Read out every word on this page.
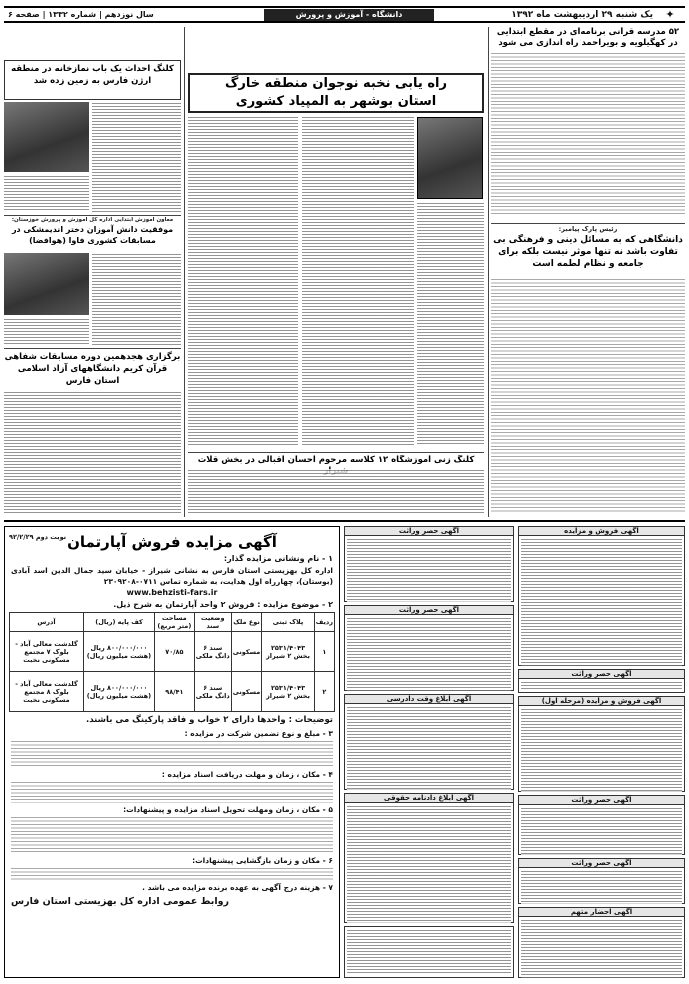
✦
یک شنبه ۲۹ اردیبهشت ماه ۱۳۹۲
دانشگاه - آموزش و پرورش
سال نوزدهم | شماره ۱۳۳۲ | صفحه ۶
۵۲ مدرسه قرآنی برنامه‌ای در مقطع ابتدایی در کهگیلویه و بویراحمد راه اندازی می شود
رئیس پارک پیامبر:
دانشگاهی که به مسائل دینی و فرهنگی بی تفاوت باشد نه تنها موثر نیست بلکه برای جامعه و نظام لطمه است
راه یابی نخبه نوجوان منطقه خارگ
استان بوشهر به المپیاد کشوری
کلنگ زنی آموزشگاه ۱۲ کلاسه مرحوم احسان اقبالی در بخش قلات
کلنگ احداث یک باب نمازخانه در منطقه ارژن فارس به زمین زده شد
معاون آموزش ابتدایی اداره کل آموزش و پرورش خوزستان:
موفقیت دانش آموزان دختر اندیمشکی در مسابقات کشوری فاوا (هوافضا)
برگزاری هجدهمین دوره مسابقات شفاهی قرآن کریم دانشگاههای آزاد اسلامی استان فارس
نوبت دوم ۹۲/۲/۲۹ آگهی مزایده فروش آپارتمان
۱ - نام ونشانی مزایده گذار:
اداره کل بهزیستی استان فارس به نشانی شیراز - خیابان سید جمال الدین اسد آبادی (بوستان)، چهارراه اول هدایت، به شماره تماس ۰۷۱۱-۲۳۰۹۲۰۸
www.behzisti-fars.ir
۲ - موضوع مزایده : فروش ۲ واحد آپارتمان به شرح ذیل.
ردیف	پلاک ثبتی	نوع ملک	وضعیت سند	مساحت (متر مربع)	کف پایه (ریال)	آدرس
۱	۲۵۳۱/۴۰۴۳ بخش ۲ شیراز	مسکونی	سند ۶ دانگ ملکی	۷۰/۸۵	۸۰۰/۰۰۰/۰۰۰ ریال (هشت میلیون ریال)	گلدشت معالی آباد - بلوک ۷ مجتمع مسکونی نخبت
۲	۲۵۳۱/۴۰۴۳ بخش ۲ شیراز	مسکونی	سند ۶ دانگ ملکی	۹۸/۴۱	۸۰۰/۰۰۰/۰۰۰ ریال (هشت میلیون ریال)	گلدشت معالی آباد - بلوک ۸ مجتمع مسکونی نخبت
توضیحات : واحدها دارای ۲ خواب و فاقد پارکینگ می باشند.
۳ - مبلغ و نوع تضمین شرکت در مزایده :
۴ - مکان ، زمان و مهلت دریافت اسناد مزایده :
۵ - مکان ، زمان ومهلت تحویل اسناد مزایده و پیشنهادات:
۶ - مکان و زمان بازگشایی پیشنهادات:
۷ - هزینه درج آگهی به عهده برنده مزایده می باشد .
روابط عمومی اداره کل بهزیستی استان فارس
آگهی حصر وراثت
آگهی حصر وراثت
آگهی ابلاغ وقت دادرسی
آگهی ابلاغ دادنامه حقوقی
آگهی فروش و مزایده
آگهی حصر وراثت
آگهی فروش و مزایده (مرحله اول)
آگهی حصر وراثت
آگهی حصر وراثت
آگهی احضار متهم
